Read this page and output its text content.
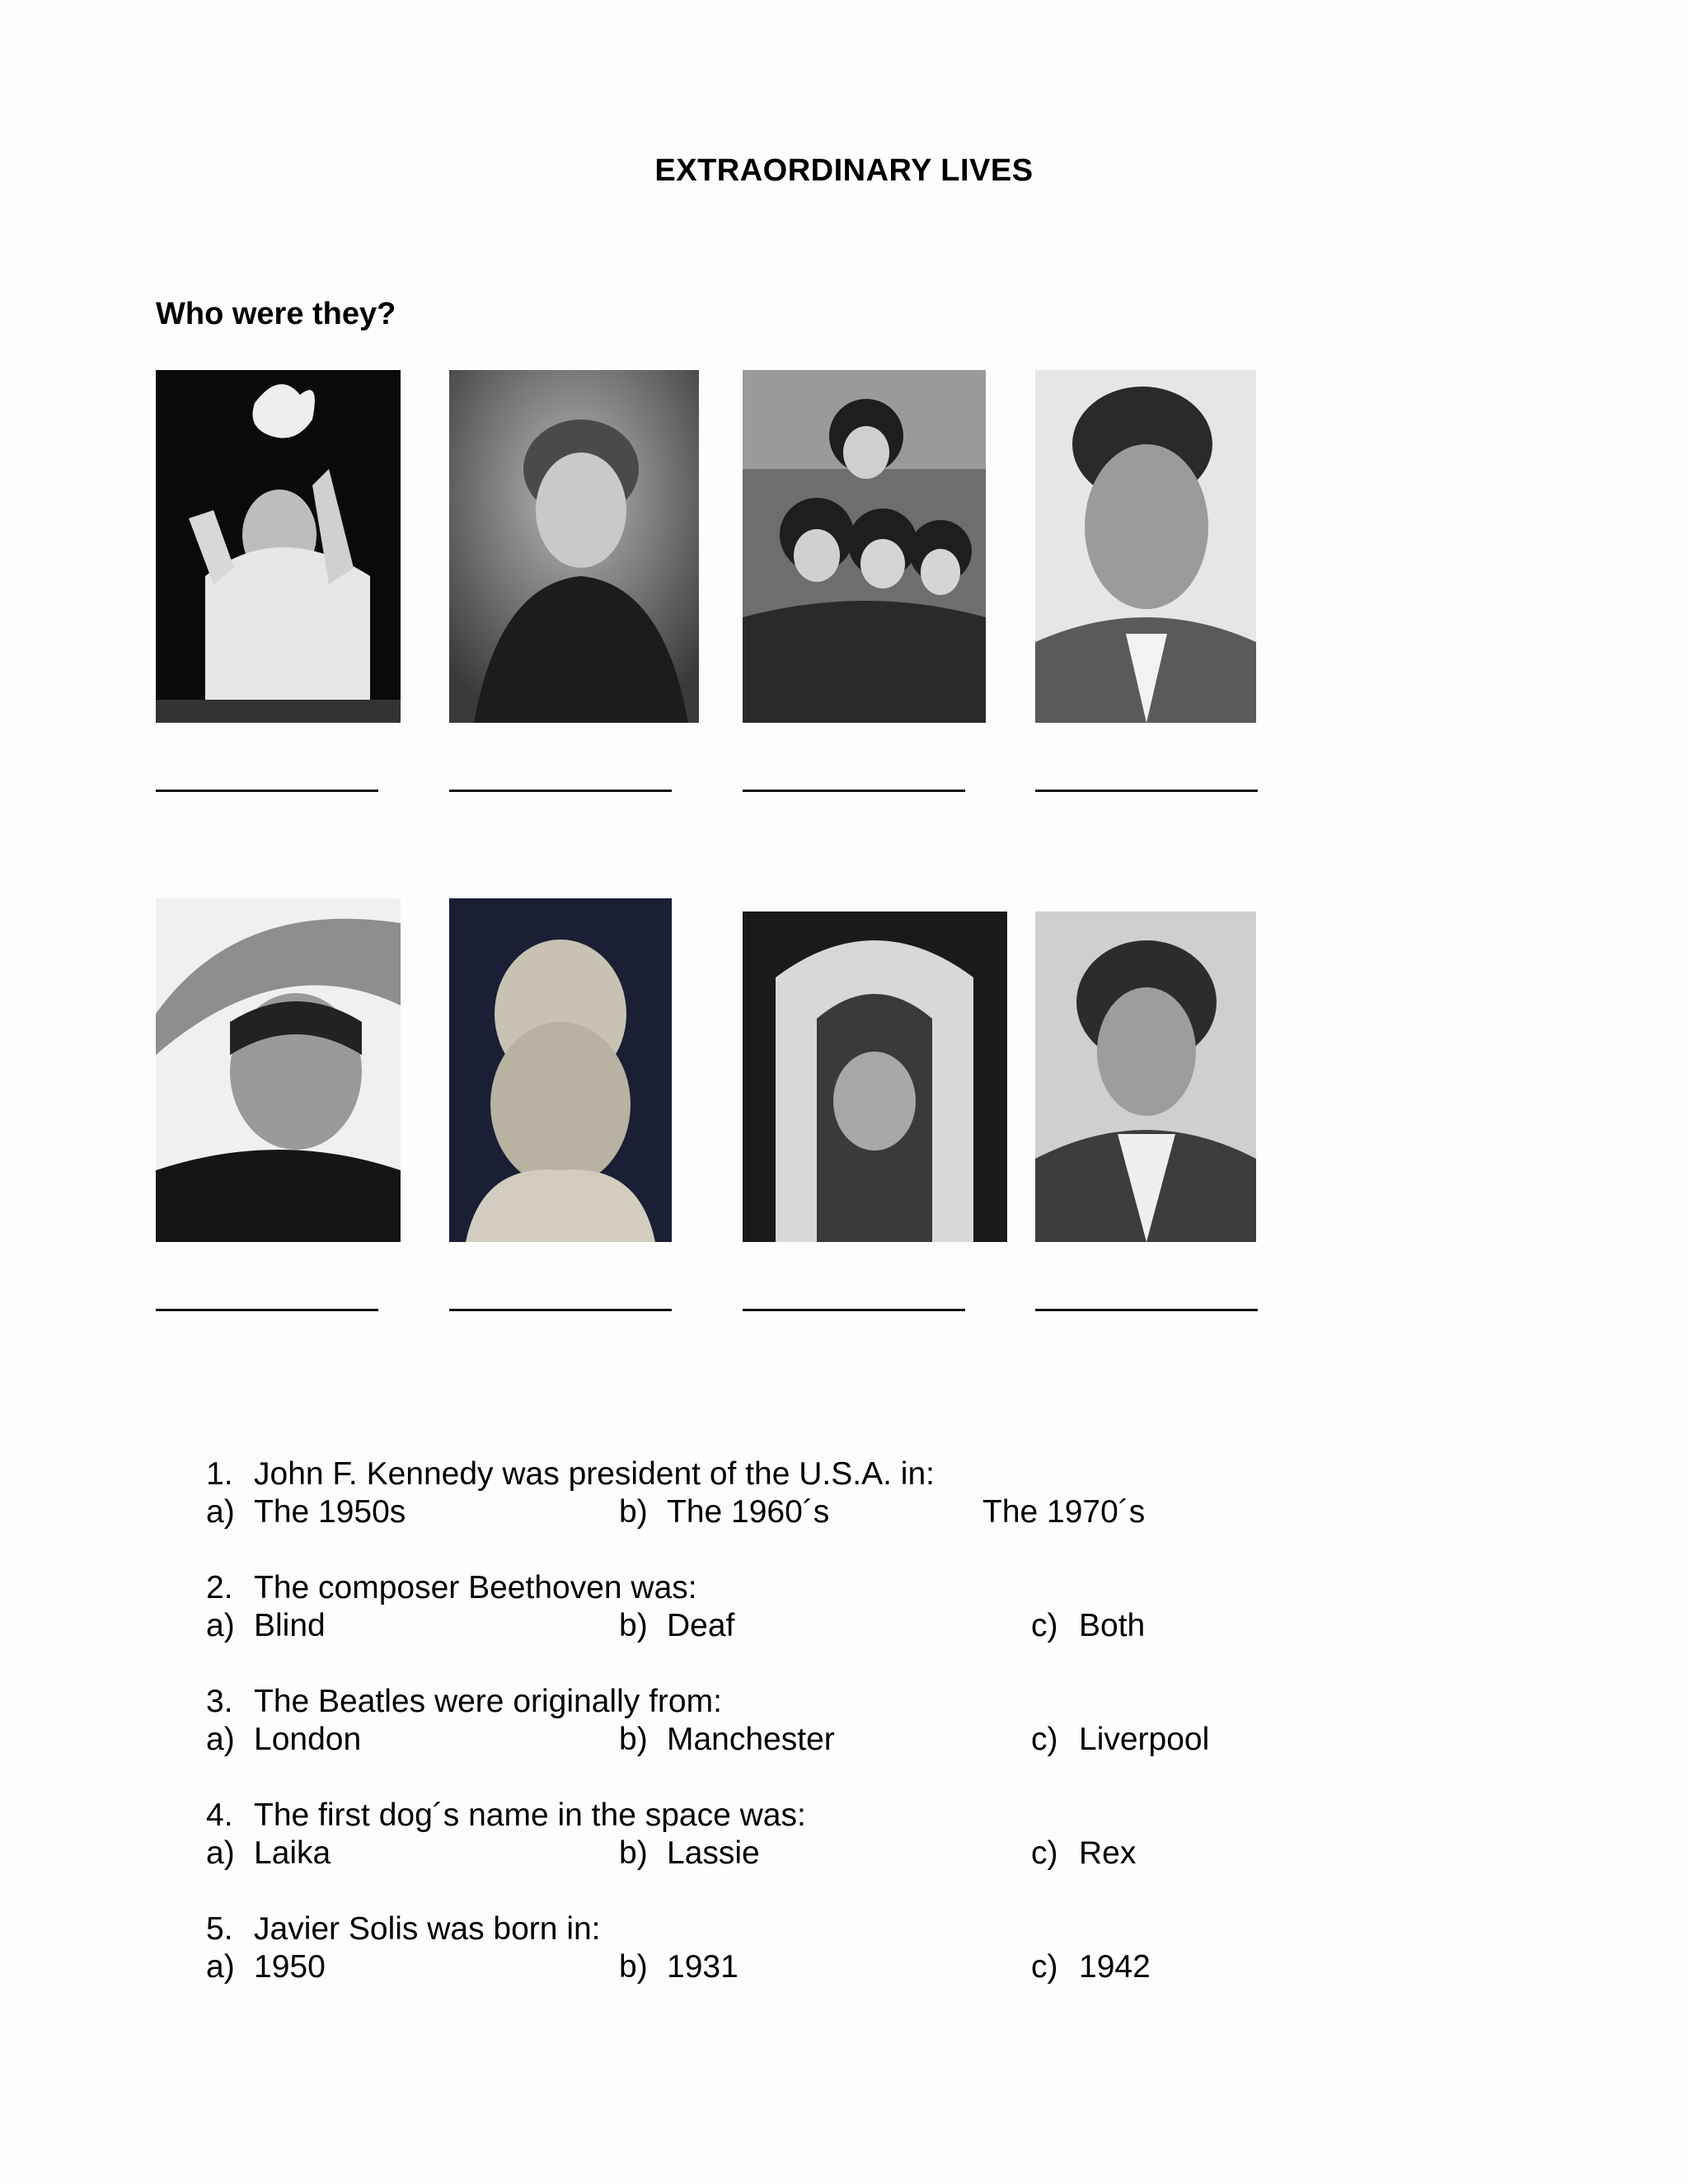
EXTRAORDINARY LIVES
Who were they?
1. John F. Kennedy was president of the U.S.A. in:
a) The 1950s	b) The 1960´s	The 1970´s
2. The composer Beethoven was:
a) Blind	b) Deaf	c) Both
3. The Beatles were originally from:
a) London	b) Manchester	c) Liverpool
4. The first dog´s name in the space was:
a) Laika	b) Lassie	c) Rex
5. Javier Solis was born in:
a) 1950	b) 1931	c) 1942
